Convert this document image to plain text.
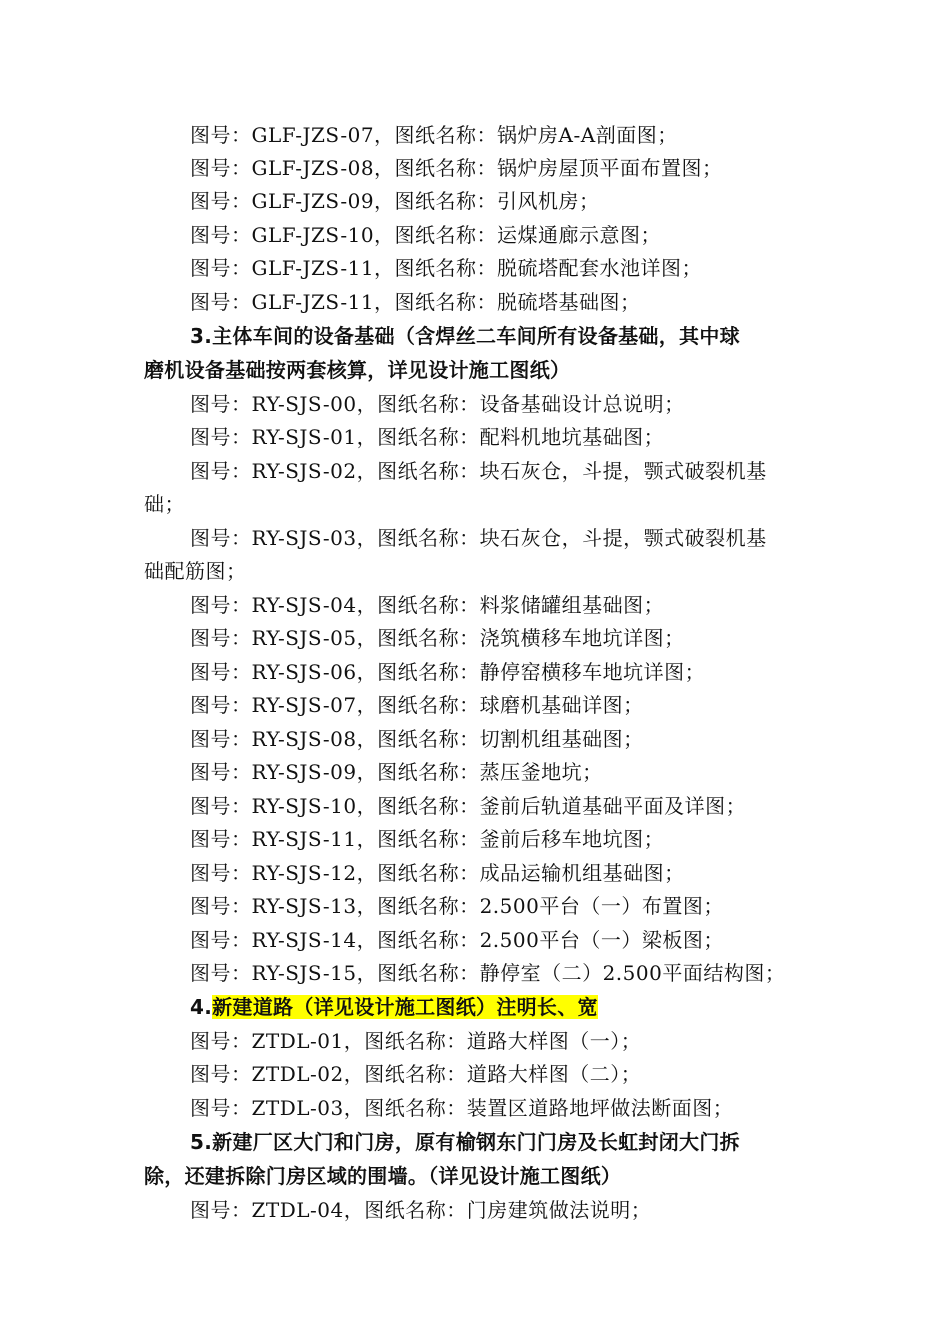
图号：GLF-JZS-07，图纸名称：锅炉房A-A剖面图；
图号：GLF-JZS-08，图纸名称：锅炉房屋顶平面布置图；
图号：GLF-JZS-09，图纸名称：引风机房；
图号：GLF-JZS-10，图纸名称：运煤通廊示意图；
图号：GLF-JZS-11，图纸名称：脱硫塔配套水池详图；
图号：GLF-JZS-11，图纸名称：脱硫塔基础图；
3.主体车间的设备基础（含焊丝二车间所有设备基础，其中球
磨机设备基础按两套核算，详见设计施工图纸）
图号：RY-SJS-00，图纸名称：设备基础设计总说明；
图号：RY-SJS-01，图纸名称：配料机地坑基础图；
图号：RY-SJS-02，图纸名称：块石灰仓，斗提，颚式破裂机基
础；
图号：RY-SJS-03，图纸名称：块石灰仓，斗提，颚式破裂机基
础配筋图；
图号：RY-SJS-04，图纸名称：料浆储罐组基础图；
图号：RY-SJS-05，图纸名称：浇筑横移车地坑详图；
图号：RY-SJS-06，图纸名称：静停窑横移车地坑详图；
图号：RY-SJS-07，图纸名称：球磨机基础详图；
图号：RY-SJS-08，图纸名称：切割机组基础图；
图号：RY-SJS-09，图纸名称：蒸压釜地坑；
图号：RY-SJS-10，图纸名称：釜前后轨道基础平面及详图；
图号：RY-SJS-11，图纸名称：釜前后移车地坑图；
图号：RY-SJS-12，图纸名称：成品运输机组基础图；
图号：RY-SJS-13，图纸名称：2.500平台（一）布置图；
图号：RY-SJS-14，图纸名称：2.500平台（一）梁板图；
图号：RY-SJS-15，图纸名称：静停室（二）2.500平面结构图；
4.新建道路（详见设计施工图纸）注明长、宽
图号：ZTDL-01，图纸名称：道路大样图（一）；
图号：ZTDL-02，图纸名称：道路大样图（二）；
图号：ZTDL-03，图纸名称：装置区道路地坪做法断面图；
5.新建厂区大门和门房，原有榆钢东门门房及长虹封闭大门拆
除，还建拆除门房区域的围墙。（详见设计施工图纸）
图号：ZTDL-04，图纸名称：门房建筑做法说明；
